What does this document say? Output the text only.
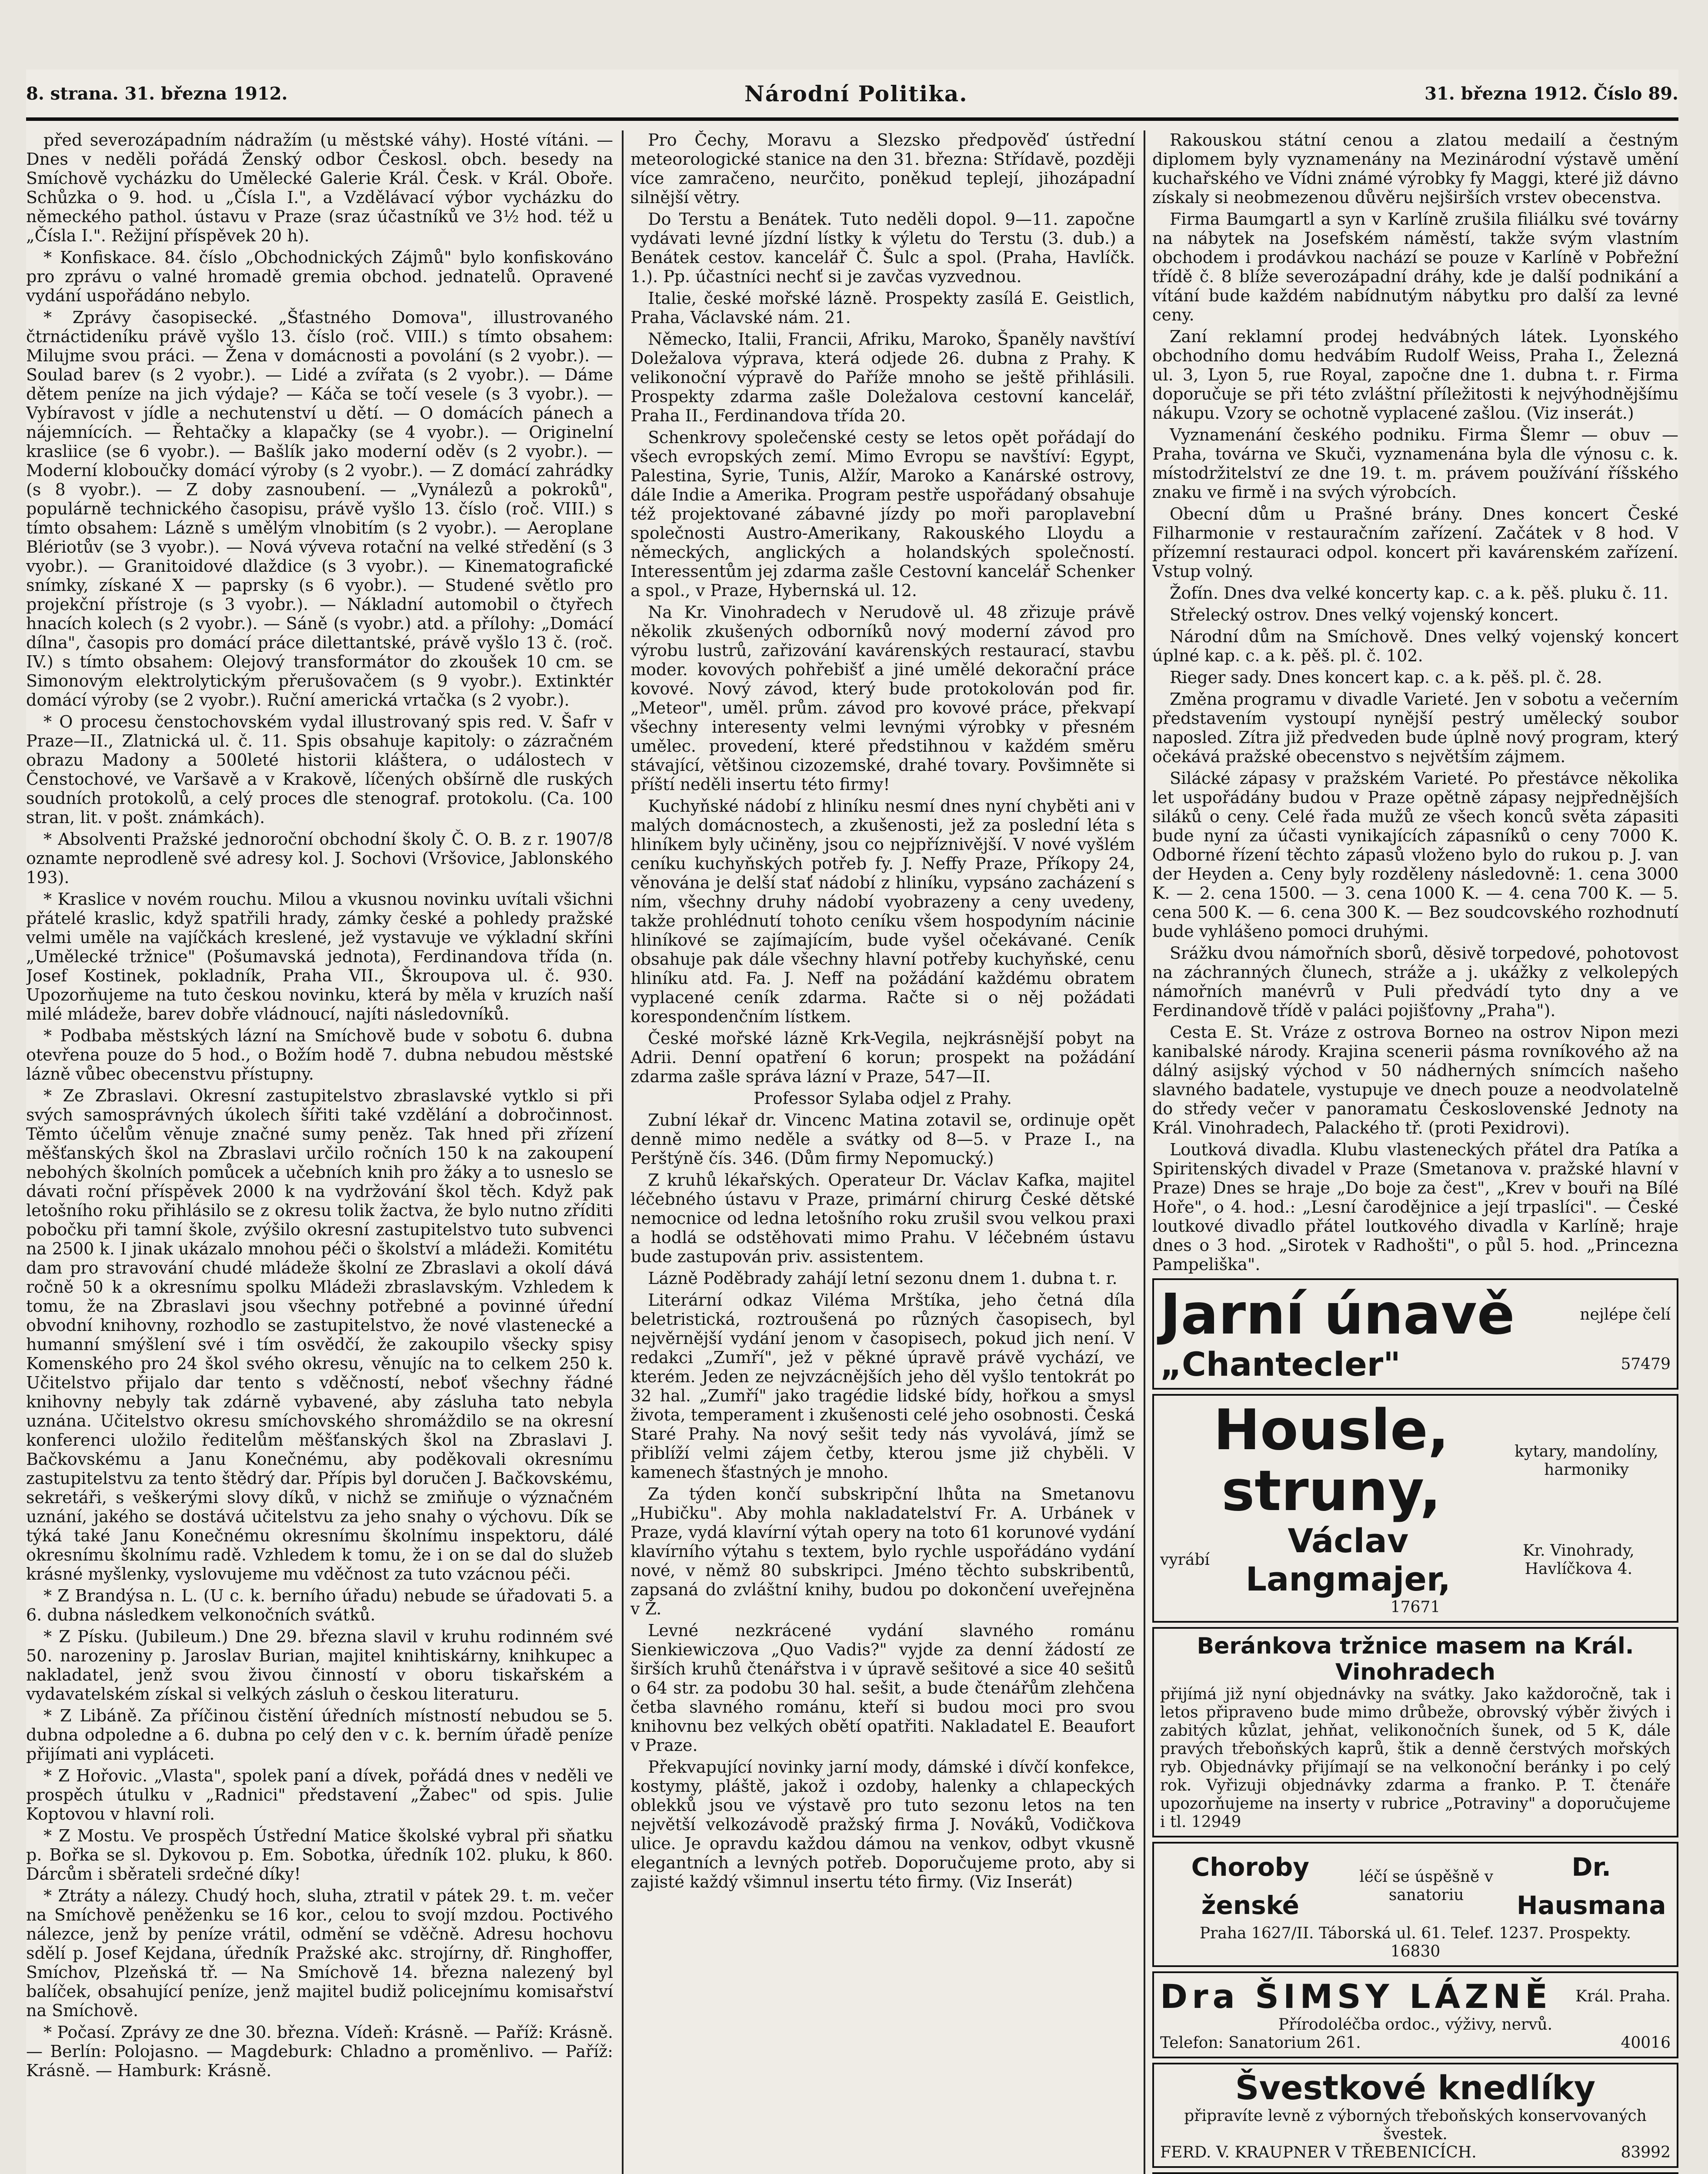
8. strana. 31. března 1912.	Národní Politika.	31. března 1912. Číslo 89.

před severozápadním nádražím (u městské váhy). Hosté vítáni. — Dnes v neděli pořádá Ženský odbor Českosl. obch. besedy na Smíchově vycházku do Umělecké Galerie Král. Česk. v Král. Oboře. Schůzka o 9. hod. u „Čísla I.", a Vzdělávací výbor vycházku do německého pathol. ústavu v Praze (sraz účastníků ve 3½ hod. též u „Čísla I.". Režijní příspěvek 20 h).

* Konfiskace. 84. číslo „Obchodnických Zájmů" bylo konfiskováno pro zprávu o valné hromadě gremia obchod. jednatelů. Opravené vydání uspořádáno nebylo.

* Zprávy časopisecké. „Šťastného Domova", illustrovaného čtrnáctideníku právě vyšlo 13. číslo (roč. VIII.) s tímto obsahem: Milujme svou práci. — Žena v domácnosti a povolání (s 2 vyobr.). — Soulad barev (s 2 vyobr.). — Lidé a zvířata (s 2 vyobr.). — Dáme dětem peníze na jich výdaje? — Káča se točí vesele (s 3 vyobr.). — Vybíravost v jídle a nechutenství u dětí. — O domácích pánech a nájemnících. — Řehtačky a klapačky (se 4 vyobr.). — Originelní krasliice (se 6 vyobr.). — Bašlík jako moderní oděv (s 2 vyobr.). — Moderní kloboučky domácí výroby (s 2 vyobr.). — Z domácí zahrádky (s 8 vyobr.). — Z doby zasnoubení. — „Vynálezů a pokroků", populárně technického časopisu, právě vyšlo 13. číslo (roč. VIII.) s tímto obsahem: Lázně s umělým vlnobitím (s 2 vyobr.). — Aeroplane Blériotův (se 3 vyobr.). — Nová výveva rotační na velké středění (s 3 vyobr.). — Granitoidové dlaždice (s 3 vyobr.). — Kinematografické snímky, získané X — paprsky (s 6 vyobr.). — Studené světlo pro projekční přístroje (s 3 vyobr.). — Nákladní automobil o čtyřech hnacích kolech (s 2 vyobr.). — Sáně (s vyobr.) atd. a přílohy: „Domácí dílna", časopis pro domácí práce dilettantské, právě vyšlo 13 č. (roč. IV.) s tímto obsahem: Olejový transformátor do zkoušek 10 cm. se Simonovým elektrolytickým přerušovačem (s 9 vyobr.). Extinktér domácí výroby (se 2 vyobr.). Ruční americká vrtačka (s 2 vyobr.).

* O procesu čenstochovském vydal illustrovaný spis red. V. Šafr v Praze—II., Zlatnická ul. č. 11. Spis obsahuje kapitoly: o zázračném obrazu Madony a 500leté historii kláštera, o událostech v Čenstochové, ve Varšavě a v Krakově, líčených obšírně dle ruských soudních protokolů, a celý proces dle stenograf. protokolu. (Ca. 100 stran, lit. v pošt. známkách).

* Absolventi Pražské jednoroční obchodní školy Č. O. B. z r. 1907/8 oznamte neprodleně své adresy kol. J. Sochovi (Vršovice, Jablonského 193).

* Kraslice v novém rouchu. Milou a vkusnou novinku uvítali všichni přátelé kraslic, když spatřili hrady, zámky české a pohledy pražské velmi uměle na vajíčkách kreslené, jež vystavuje ve výkladní skříni „Umělecké tržnice" (Pošumavská jednota), Ferdinandova třída (n. Josef Kostinek, pokladník, Praha VII., Škroupova ul. č. 930. Upozorňujeme na tuto českou novinku, která by měla v kruzích naší milé mládeže, barev dobře vládnoucí, najíti následovníků.

* Podbaba městských lázní na Smíchově bude v sobotu 6. dubna otevřena pouze do 5 hod., o Božím hodě 7. dubna nebudou městské lázně vůbec obecenstvu přístupny.

* Ze Zbraslavi. Okresní zastupitelstvo zbraslavské vytklo si při svých samosprávných úkolech šířiti také vzdělání a dobročinnost. Těmto účelům věnuje značné sumy peněz. Tak hned při zřízení měšťanských škol na Zbraslavi určilo ročních 150 k na zakoupení nebohých školních pomůcek a učebních knih pro žáky a to usneslo se dávati roční příspěvek 2000 k na vydržování škol těch. Když pak letošního roku přihlásilo se z okresu tolik žactva, že bylo nutno zříditi pobočku při tamní škole, zvýšilo okresní zastupitelstvo tuto subvenci na 2500 k. I jinak ukázalo mnohou péči o školství a mládeži. Komitétu dam pro stravování chudé mládeže školní ze Zbraslavi a okolí dává ročně 50 k a okresnímu spolku Mládeži zbraslavským. Vzhledem k tomu, že na Zbraslavi jsou všechny potřebné a povinné úřední obvodní knihovny, rozhodlo se zastupitelstvo, že nové vlastenecké a humanní smýšlení své i tím osvědčí, že zakoupilo všecky spisy Komenského pro 24 škol svého okresu, věnujíc na to celkem 250 k. Učitelstvo přijalo dar tento s vděčností, neboť všechny řádné knihovny nebyly tak zdárně vybavené, aby zásluha tato nebyla uznána. Učitelstvo okresu smíchovského shromáždilo se na okresní konferenci uložilo ředitelům měšťanských škol na Zbraslavi J. Bačkovskému a Janu Konečnému, aby poděkovali okresnímu zastupitelstvu za tento štědrý dar. Přípis byl doručen J. Bačkovskému, sekretáři, s veškerými slovy díků, v nichž se zmiňuje o význačném uznání, jakého se dostává učitelstvu za jeho snahy o výchovu. Dík se týká také Janu Konečnému okresnímu školnímu inspektoru, dálé okresnímu školnímu radě. Vzhledem k tomu, že i on se dal do služeb krásné myšlenky, vyslovujeme mu vděčnost za tuto vzácnou péči.

* Z Brandýsa n. L. (U c. k. berního úřadu) nebude se úřadovati 5. a 6. dubna následkem velkonočních svátků.

* Z Písku. (Jubileum.) Dne 29. března slavil v kruhu rodinném své 50. narozeniny p. Jaroslav Burian, majitel knihtiskárny, knihkupec a nakladatel, jenž svou živou činností v oboru tiskařském a vydavatelském získal si velkých zásluh o českou literaturu.

* Z Libáně. Za příčinou čistění úředních místností nebudou se 5. dubna odpoledne a 6. dubna po celý den v c. k. berním úřadě peníze přijímati ani vypláceti.

* Z Hořovic. „Vlasta", spolek paní a dívek, pořádá dnes v neděli ve prospěch útulku v „Radnici" představení „Žabec" od spis. Julie Koptovou v hlavní roli.

* Z Mostu. Ve prospěch Ústřední Matice školské vybral při sňatku p. Bořka se sl. Dykovou p. Em. Sobotka, úředník 102. pluku, k 860. Dárcům i sběrateli srdečné díky!

* Ztráty a nálezy. Chudý hoch, sluha, ztratil v pátek 29. t. m. večer na Smíchově peněženku se 16 kor., celou to svojí mzdou. Poctivého nálezce, jenž by peníze vrátil, odmění se vděčně. Adresu hochovu sdělí p. Josef Kejdana, úředník Pražské akc. strojírny, dř. Ringhoffer, Smíchov, Plzeňská tř. — Na Smíchově 14. března nalezený byl balíček, obsahující peníze, jenž majitel budiž policejnímu komisařství na Smíchově.

* Počasí. Zprávy ze dne 30. března. Vídeň: Krásně. — Paříž: Krásně. — Berlín: Polojasno. — Magdeburk: Chladno a proměnlivo. — Paříž: Krásně. — Hamburk: Krásně.

Pro Čechy, Moravu a Slezsko předpověď ústřední meteorologické stanice na den 31. března: Střídavě, později více zamračeno, neurčito, poněkud teplejí, jihozápadní silnější větry.

Do Terstu a Benátek. Tuto neděli dopol. 9—11. započne vydávati levné jízdní lístky k výletu do Terstu (3. dub.) a Benátek cestov. kancelář Č. Šulc a spol. (Praha, Havlíčk. 1.). Pp. účastníci nechť si je zavčas vyzvednou.

Italie, české mořské lázně. Prospekty zasílá E. Geistlich, Praha, Václavské nám. 21.

Německo, Italii, Francii, Afriku, Maroko, Španěly navštíví Doležalova výprava, která odjede 26. dubna z Prahy. K velikonoční výpravě do Paříže mnoho se ještě přihlásili. Prospekty zdarma zašle Doležalova cestovní kancelář, Praha II., Ferdinandova třída 20.

Schenkrovy společenské cesty se letos opět pořádají do všech evropských zemí. Mimo Evropu se navštíví: Egypt, Palestina, Syrie, Tunis, Alžír, Maroko a Kanárské ostrovy, dále Indie a Amerika. Program pestře uspořádaný obsahuje též projektované zábavné jízdy po moři paroplavební společnosti Austro-Amerikany, Rakouského Lloydu a německých, anglických a holandských společností. Interessentům jej zdarma zašle Cestovní kancelář Schenker a spol., v Praze, Hybernská ul. 12.

Na Kr. Vinohradech v Nerudově ul. 48 zřizuje právě několik zkušených odborníků nový moderní závod pro výrobu lustrů, zařizování kavárenských restaurací, stavbu moder. kovových pohřebišť a jiné umělé dekorační práce kovové. Nový závod, který bude protokolován pod fir. „Meteor", uměl. prům. závod pro kovové práce, překvapí všechny interesenty velmi levnými výrobky v přesném umělec. provedení, které předstihnou v každém směru stávající, většinou cizozemské, drahé tovary. Povšimněte si příští neděli insertu této firmy!

Kuchyňské nádobí z hliníku nesmí dnes nyní chyběti ani v malých domácnostech, a zkušenosti, jež za poslední léta s hliníkem byly učiněny, jsou co nejpříznivější. V nové vyšlém ceníku kuchyňských potřeb fy. J. Neffy Praze, Příkopy 24, věnována je delší stať nádobí z hliníku, vypsáno zacházení s ním, všechny druhy nádobí vyobrazeny a ceny uvedeny, takže prohlédnutí tohoto ceníku všem hospodyním nácinie hliníkové se zajímajícím, bude vyšel očekávané. Ceník obsahuje pak dále všechny hlavní potřeby kuchyňské, cenu hliníku atd. Fa. J. Neff na požádání každému obratem vyplacené ceník zdarma. Račte si o něj požádati korespondenčním lístkem.

České mořské lázně Krk-Vegila, nejkrásnější pobyt na Adrii. Denní opatření 6 korun; prospekt na požádání zdarma zašle správa lázní v Praze, 547—II.

Professor Sylaba odjel z Prahy.

Zubní lékař dr. Vincenc Matina zotavil se, ordinuje opět denně mimo neděle a svátky od 8—5. v Praze I., na Perštýně čís. 346. (Dům firmy Nepomucký.)

Z kruhů lékařských. Operateur Dr. Václav Kafka, majitel léčebného ústavu v Praze, primární chirurg České dětské nemocnice od ledna letošního roku zrušil svou velkou praxi a hodlá se odstěhovati mimo Prahu. V léčebném ústavu bude zastupován priv. assistentem.

Lázně Poděbrady zahájí letní sezonu dnem 1. dubna t. r.

Literární odkaz Viléma Mrštíka, jeho četná díla beletristická, roztroušená po různých časopisech, byl nejvěrnější vydání jenom v časopisech, pokud jich není. V redakci „Zumří", jež v pěkné úpravě právě vychází, ve kterém. Jeden ze nejvzácnějších jeho děl vyšlo tentokrát po 32 hal. „Zumří" jako tragédie lidské bídy, hořkou a smysl života, temperament i zkušenosti celé jeho osobnosti. Česká Staré Prahy. Na nový sešit tedy nás vyvolává, jímž se přiblíží velmi zájem četby, kterou jsme již chyběli. V kamenech šťastných je mnoho.

Za týden končí subskripční lhůta na Smetanovu „Hubičku". Aby mohla nakladatelství Fr. A. Urbánek v Praze, vydá klavírní výtah opery na toto 61 korunové vydání klavírního výtahu s textem, bylo rychle uspořádáno vydání nové, v němž 80 subskripci. Jméno těchto subskribentů, zapsaná do zvláštní knihy, budou po dokončení uveřejněna v Ž.

Levné nezkrácené vydání slavného románu Sienkiewiczova „Quo Vadis?" vyjde za denní žádostí ze širších kruhů čtenářstva i v úpravě sešitové a sice 40 sešitů o 64 str. za podobu 30 hal. sešit, a bude čtenářům zlehčena četba slavného románu, kteří si budou moci pro svou knihovnu bez velkých obětí opatřiti. Nakladatel E. Beaufort v Praze.

Překvapující novinky jarní mody, dámské i dívčí konfekce, kostymy, pláště, jakož i ozdoby, halenky a chlapeckých oblekků jsou ve výstavě pro tuto sezonu letos na ten největší velkozávodě pražský firma J. Nováků, Vodičkova ulice. Je opravdu každou dámou na venkov, odbyt vkusně elegantních a levných potřeb. Doporučujeme proto, aby si zajisté každý všimnul insertu této firmy. (Viz Inserát)

Rakouskou státní cenou a zlatou medailí a čestným diplomem byly vyznamenány na Mezinárodní výstavě umění kuchařského ve Vídni známé výrobky fy Maggi, které již dávno získaly si neobmezenou důvěru nejširších vrstev obecenstva.

Firma Baumgartl a syn v Karlíně zrušila filiálku své továrny na nábytek na Josefském náměstí, takže svým vlastním obchodem i prodávkou nachází se pouze v Karlíně v Pobřežní třídě č. 8 blíže severozápadní dráhy, kde je další podnikání a vítání bude každém nabídnutým nábytku pro další za levné ceny.

Zaní reklamní prodej hedvábných látek. Lyonského obchodního domu hedvábím Rudolf Weiss, Praha I., Železná ul. 3, Lyon 5, rue Royal, započne dne 1. dubna t. r. Firma doporučuje se při této zvláštní příležitosti k nejvýhodnějšímu nákupu. Vzory se ochotně vyplacené zašlou. (Viz inserát.)

Vyznamenání českého podniku. Firma Šlemr — obuv — Praha, továrna ve Skuči, vyznamenána byla dle výnosu c. k. místodržitelství ze dne 19. t. m. právem používání říšského znaku ve firmě i na svých výrobcích.

Obecní dům u Prašné brány. Dnes koncert České Filharmonie v restauračním zařízení. Začátek v 8 hod. V přízemní restauraci odpol. koncert při kavárenském zařízení. Vstup volný.

Žofín. Dnes dva velké koncerty kap. c. a k. pěš. pluku č. 11.

Střelecký ostrov. Dnes velký vojenský koncert.

Národní dům na Smíchově. Dnes velký vojenský koncert úplné kap. c. a k. pěš. pl. č. 102.

Rieger sady. Dnes koncert kap. c. a k. pěš. pl. č. 28.

Změna programu v divadle Varieté. Jen v sobotu a večerním představením vystoupí nynější pestrý umělecký soubor naposled. Zítra již předveden bude úplně nový program, který očekává pražské obecenstvo s největším zájmem.

Silácké zápasy v pražském Varieté. Po přestávce několika let uspořádány budou v Praze opětně zápasy nejpřednějších siláků o ceny. Celé řada mužů ze všech konců světa zápasiti bude nyní za účasti vynikajících zápasníků o ceny 7000 K. Odborné řízení těchto zápasů vloženo bylo do rukou p. J. van der Heyden a. Ceny byly rozděleny následovně: 1. cena 3000 K. — 2. cena 1500. — 3. cena 1000 K. — 4. cena 700 K. — 5. cena 500 K. — 6. cena 300 K. — Bez soudcovského rozhodnutí bude vyhlášeno pomoci druhými.

Srážku dvou námořních sborů, děsivě torpedové, pohotovost na záchranných člunech, stráže a j. ukážky z velkolepých námořních manévrů v Puli předvádí tyto dny a ve Ferdinandově třídě v paláci pojišťovny „Praha").

Cesta E. St. Vráze z ostrova Borneo na ostrov Nipon mezi kanibalské národy. Krajina scenerii pásma rovníkového až na dálný asijský východ v 50 nádherných snímcích našeho slavného badatele, vystupuje ve dnech pouze a neodvolatelně do středy večer v panoramatu Československé Jednoty na Král. Vinohradech, Palackého tř. (proti Pexidrovi).

Loutková divadla. Klubu vlasteneckých přátel dra Patíka a Spiritenských divadel v Praze (Smetanova v. pražské hlavní v Praze) Dnes se hraje „Do boje za čest", „Krev v bouři na Bílé Hoře", o 4. hod.: „Lesní čarodějnice a její trpaslíci". — České loutkové divadlo přátel loutkového divadla v Karlíně; hraje dnes o 3 hod. „Sirotek v Radhošti", o půl 5. hod. „Princezna Pampeliška".

Jarní únavě	nejlépe čelí
„Chantecler"	57479
Housle, struny,
kytary, mandolíny, harmoniky
vyrábí	Václav Langmajer,
Kr. Vinohrady, Havlíčkova 4.
17671
Beránkova tržnice masem na Král. Vinohradech
přijímá již nyní objednávky na svátky. Jako každoročně, tak i letos připraveno bude mimo drůbeže, obrovský výběr živých i zabitých kůzlat, jehňat, velikonočních šunek, od 5 K, dále pravých třeboňských kaprů, štik a denně čerstvých mořských ryb. Objednávky přijímají se na velkonoční beránky i po celý rok. Vyřizuji objednávky zdarma a franko. P. T. čtenáře upozorňujeme na inserty v rubrice „Potraviny" a doporučujeme i tl. 12949
Choroby ženské
léčí se úspěšně v sanatoriu
Dr. Hausmana
Praha 1627/II. Táborská ul. 61. Telef. 1237. Prospekty.
16830
Dra ŠIMSY LÁZNĚ Král. Praha.
Přírodoléčba ordoc., výživy, nervů.
Telefon: Sanatorium 261.	40016
Švestkové knedlíky
připravíte levně z výborných třeboňských konservovaných švestek.
FERD. V. KRAUPNER V TŘEBENICÍCH.	83992
